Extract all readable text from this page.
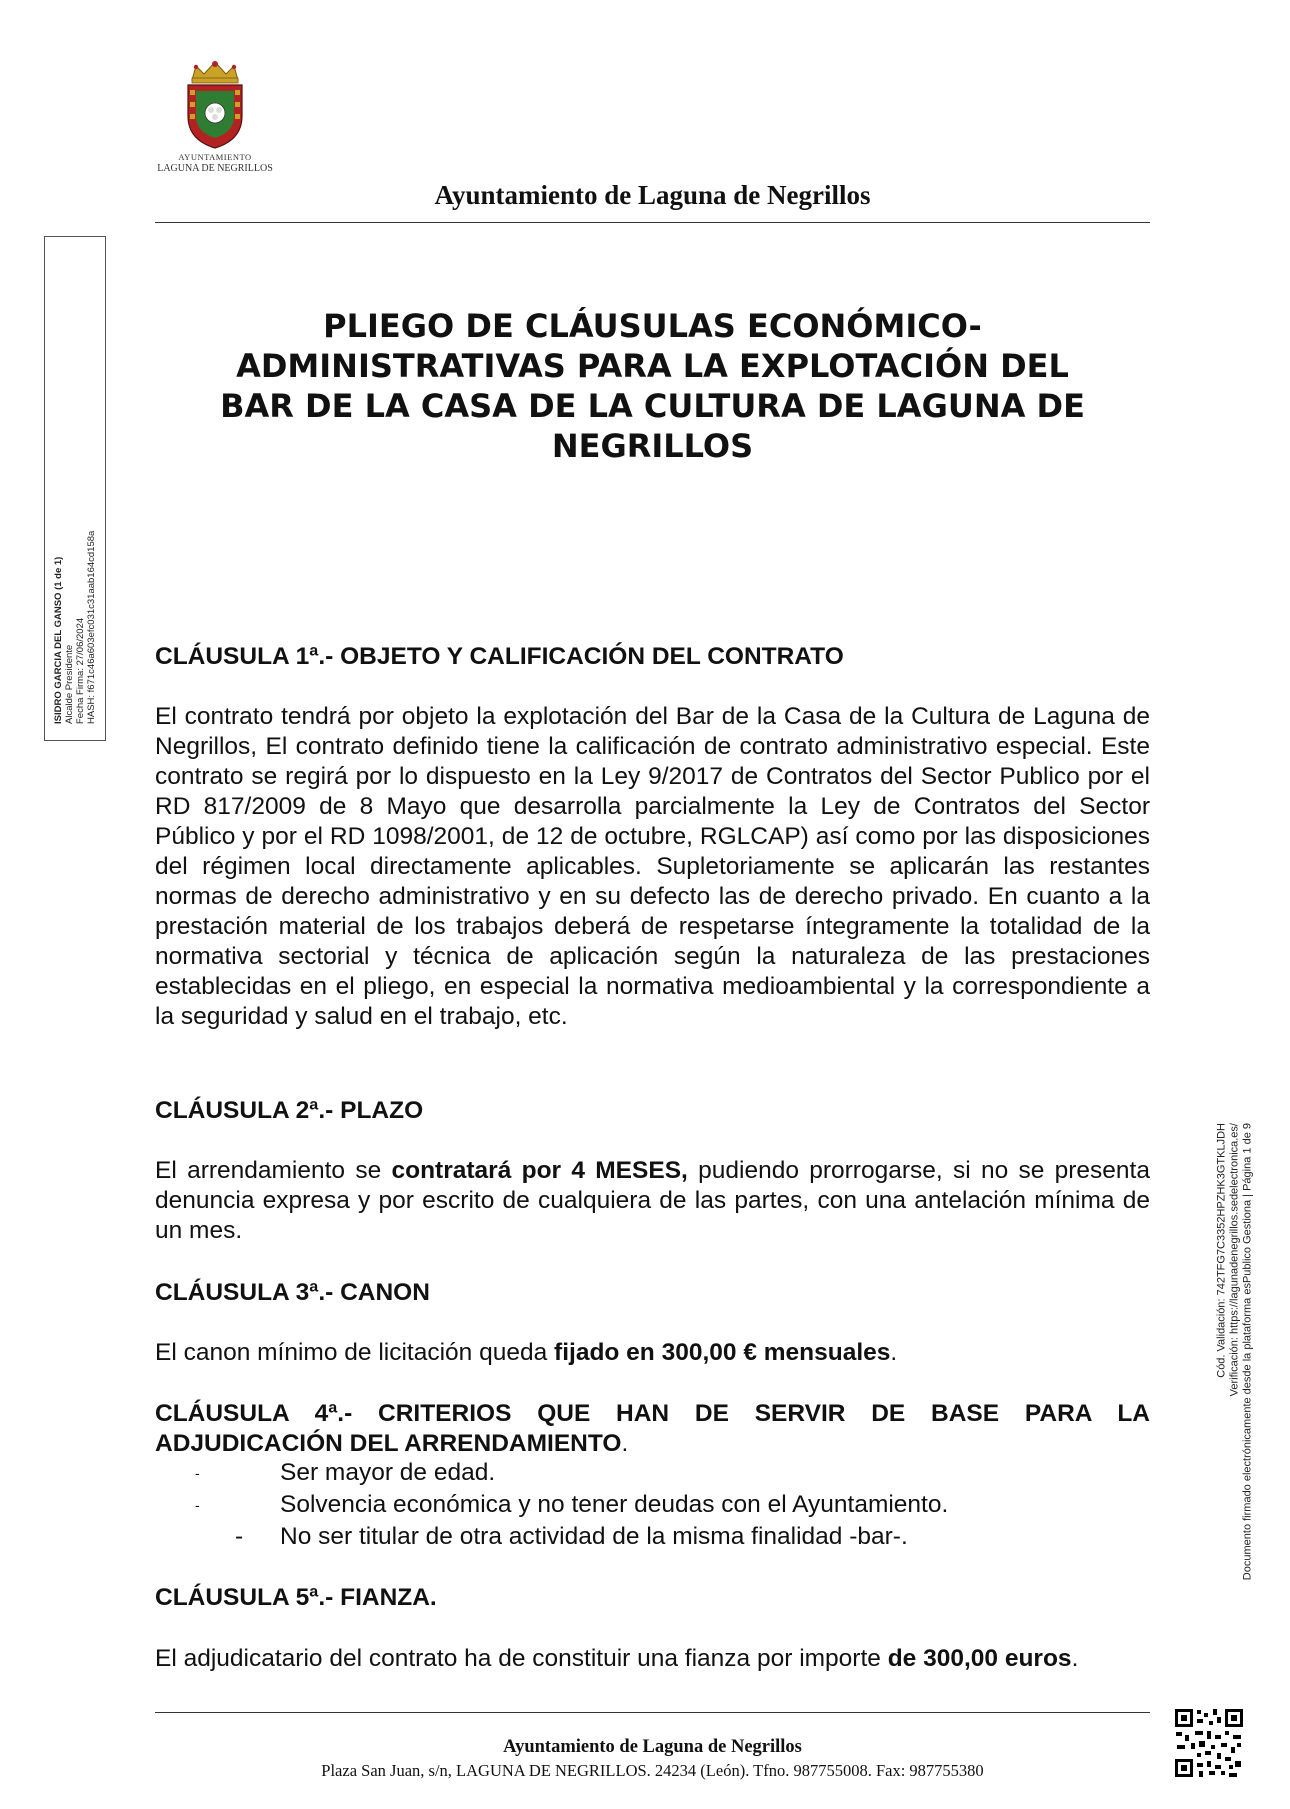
AYUNTAMIENTO
LAGUNA DE NEGRILLOS
Ayuntamiento de Laguna de Negrillos
ISIDRO GARCIA DEL GANSO (1 de 1) Alcalde Presidente Fecha Firma: 27/06/2024 HASH: f671c46a603efc031c31aab164cd158a
PLIEGO DE CLÁUSULAS ECONÓMICO-
ADMINISTRATIVAS PARA LA EXPLOTACIÓN DEL
BAR DE LA CASA DE LA CULTURA DE LAGUNA DE
NEGRILLOS
CLÁUSULA 1ª.- OBJETO Y CALIFICACIÓN DEL CONTRATO
El contrato tendrá por objeto la explotación del Bar de la Casa de la Cultura de Laguna de Negrillos, El contrato definido tiene la calificación de contrato administrativo especial. Este contrato se regirá por lo dispuesto en la Ley 9/2017 de Contratos del Sector Publico por el RD 817/2009 de 8 Mayo que desarrolla parcialmente la Ley de Contratos del Sector Público y por el RD 1098/2001, de 12 de octubre, RGLCAP) así como por las disposiciones del régimen local directamente aplicables. Supletoriamente se aplicarán las restantes normas de derecho administrativo y en su defecto las de derecho privado. En cuanto a la prestación material de los trabajos deberá de respetarse íntegramente la totalidad de la normativa sectorial y técnica de aplicación según la naturaleza de las prestaciones establecidas en el pliego, en especial la normativa medioambiental y la correspondiente a la seguridad y salud en el trabajo, etc.
CLÁUSULA 2ª.- PLAZO
El arrendamiento se contratará por 4 MESES, pudiendo prorrogarse, si no se presenta denuncia expresa y por escrito de cualquiera de las partes, con una antelación mínima de un mes.
CLÁUSULA 3ª.- CANON
El canon mínimo de licitación queda fijado en 300,00 € mensuales.
CLÁUSULA 4ª.- CRITERIOS QUE HAN DE SERVIR DE BASE PARA LA ADJUDICACIÓN DEL ARRENDAMIENTO.
-	Ser mayor de edad.
-	Solvencia económica y no tener deudas con el Ayuntamiento.
- No ser titular de otra actividad de la misma finalidad -bar-.
CLÁUSULA 5ª.- FIANZA.
El adjudicatario del contrato ha de constituir una fianza por importe de 300,00 euros.
Ayuntamiento de Laguna de Negrillos
Plaza San Juan, s/n, LAGUNA DE NEGRILLOS. 24234 (León). Tfno. 987755008. Fax: 987755380
Cód. Validación: 742TFG7C3352HPZHK3GTKLJDH Verificación: https://lagunadenegrillos.sedelectronica.es/ Documento firmado electrónicamente desde la plataforma esPublico Gestiona | Página 1 de 9
